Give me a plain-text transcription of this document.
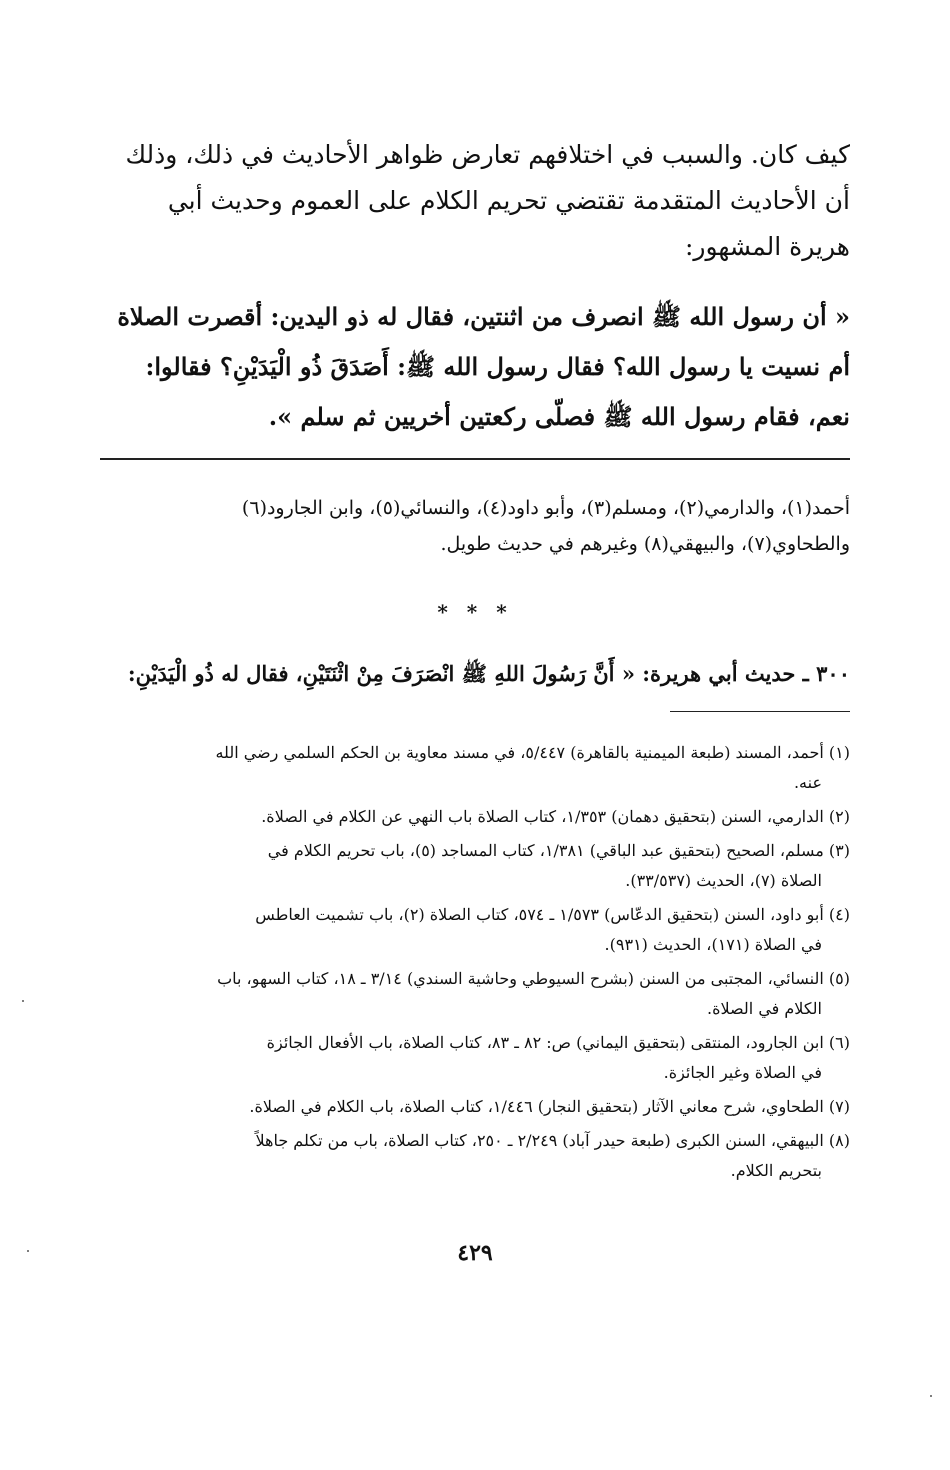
كيف كان. والسبب في اختلافهم تعارض ظواهر الأحاديث في ذلك، وذلك
أن الأحاديث المتقدمة تقتضي تحريم الكلام على العموم وحديث أبي
هريرة المشهور:
« أن رسول الله ﷺ انصرف من اثنتين، فقال له ذو اليدين: أقصرت الصلاة
أم نسيت يا رسول الله؟ فقال رسول الله ﷺ: أَصَدَقَ ذُو الْيَدَيْنِ؟ فقالوا:
نعم، فقام رسول الله ﷺ فصلّى ركعتين أخريين ثم سلم ».
أحمد(١)، والدارمي(٢)، ومسلم(٣)، وأبو داود(٤)، والنسائي(٥)، وابن الجارود(٦)
والطحاوي(٧)، والبيهقي(٨) وغيرهم في حديث طويل.
* * *
٣٠٠ ـ حديث أبي هريرة: « أَنَّ رَسُولَ اللهِ ﷺ انْصَرَفَ مِنْ اثْنَتَيْنِ، فقال له ذُو الْيَدَيْنِ:
(١) أحمد، المسند (طبعة الميمنية بالقاهرة) ٥/٤٤٧، في مسند معاوية بن الحكم السلمي رضي الله
عنه.
(٢) الدارمي، السنن (بتحقيق دهمان) ١/٣٥٣، كتاب الصلاة باب النهي عن الكلام في الصلاة.
(٣) مسلم، الصحيح (بتحقيق عبد الباقي) ١/٣٨١، كتاب المساجد (٥)، باب تحريم الكلام في
الصلاة (٧)، الحديث (٣٣/٥٣٧).
(٤) أبو داود، السنن (بتحقيق الدعّاس) ١/٥٧٣ ـ ٥٧٤، كتاب الصلاة (٢)، باب تشميت العاطس
في الصلاة (١٧١)، الحديث (٩٣١).
(٥) النسائي، المجتبى من السنن (بشرح السيوطي وحاشية السندي) ٣/١٤ ـ ١٨، كتاب السهو، باب
الكلام في الصلاة.
(٦) ابن الجارود، المنتقى (بتحقيق اليماني) ص: ٨٢ ـ ٨٣، كتاب الصلاة، باب الأفعال الجائزة
في الصلاة وغير الجائزة.
(٧) الطحاوي، شرح معاني الآثار (بتحقيق النجار) ١/٤٤٦، كتاب الصلاة، باب الكلام في الصلاة.
(٨) البيهقي، السنن الكبرى (طبعة حيدر آباد) ٢/٢٤٩ ـ ٢٥٠، كتاب الصلاة، باب من تكلم جاهلاً
بتحريم الكلام.
٤٢٩
